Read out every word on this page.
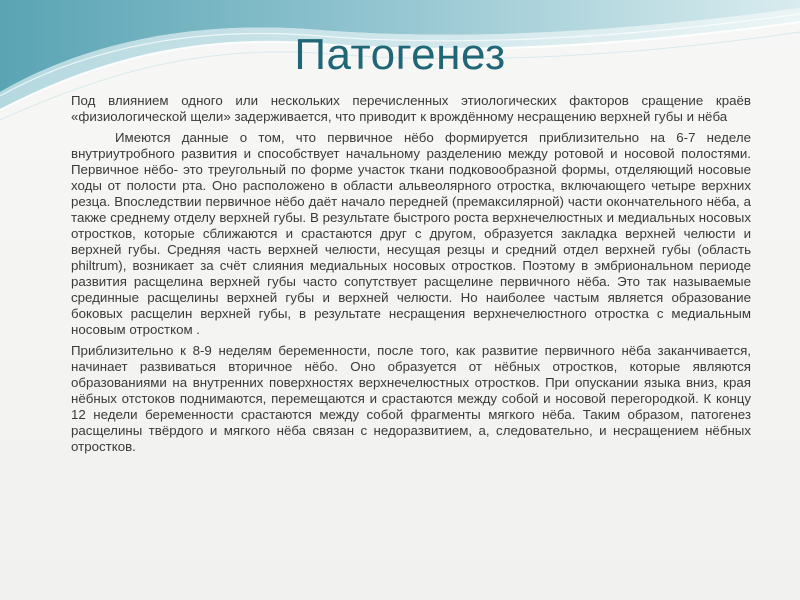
Патогенез

Под влиянием одного или нескольких перечисленных этиологических факторов сращение краёв «физиологической щели» задерживается, что приводит к врождённому несращению верхней губы и нёба

Имеются данные о том, что первичное нёбо формируется приблизительно на 6-7 неделе внутриутробного развития и способствует начальному разделению между ротовой и носовой полостями. Первичное нёбо- это треугольный по форме участок ткани подковообразной формы, отделяющий носовые ходы от полости рта. Оно расположено в области альвеолярного отростка, включающего четыре верхних резца. Впоследствии первичное нёбо даёт начало передней (премаксилярной) части окончательного нёба, а также среднему отделу верхней губы. В результате быстрого роста верхнечелюстных и медиальных носовых отростков, которые сближаются и срастаются друг с другом, образуется закладка верхней челюсти и верхней губы. Средняя часть верхней челюсти, несущая резцы и средний отдел верхней губы (область philtrum), возникает за счёт слияния медиальных носовых отростков. Поэтому в эмбриональном периоде развития расщелина верхней губы часто сопутствует расщелине первичного нёба. Это так называемые срединные расщелины верхней губы и верхней челюсти. Но наиболее частым является образование боковых расщелин верхней губы, в результате несращения верхнечелюстного отростка с медиальным носовым отростком .

Приблизительно к 8-9 неделям беременности, после того, как развитие первичного нёба заканчивается, начинает развиваться вторичное нёбо. Оно образуется от нёбных отростков, которые являются образованиями на внутренних поверхностях верхнечелюстных отростков. При опускании языка вниз, края нёбных отстоков поднимаются, перемещаются и срастаются между собой и носовой перегородкой. К концу 12 недели беременности срастаются между собой фрагменты мягкого нёба. Таким образом, патогенез расщелины твёрдого и мягкого нёба связан с недоразвитием, а, следовательно, и несращением нёбных отростков.
